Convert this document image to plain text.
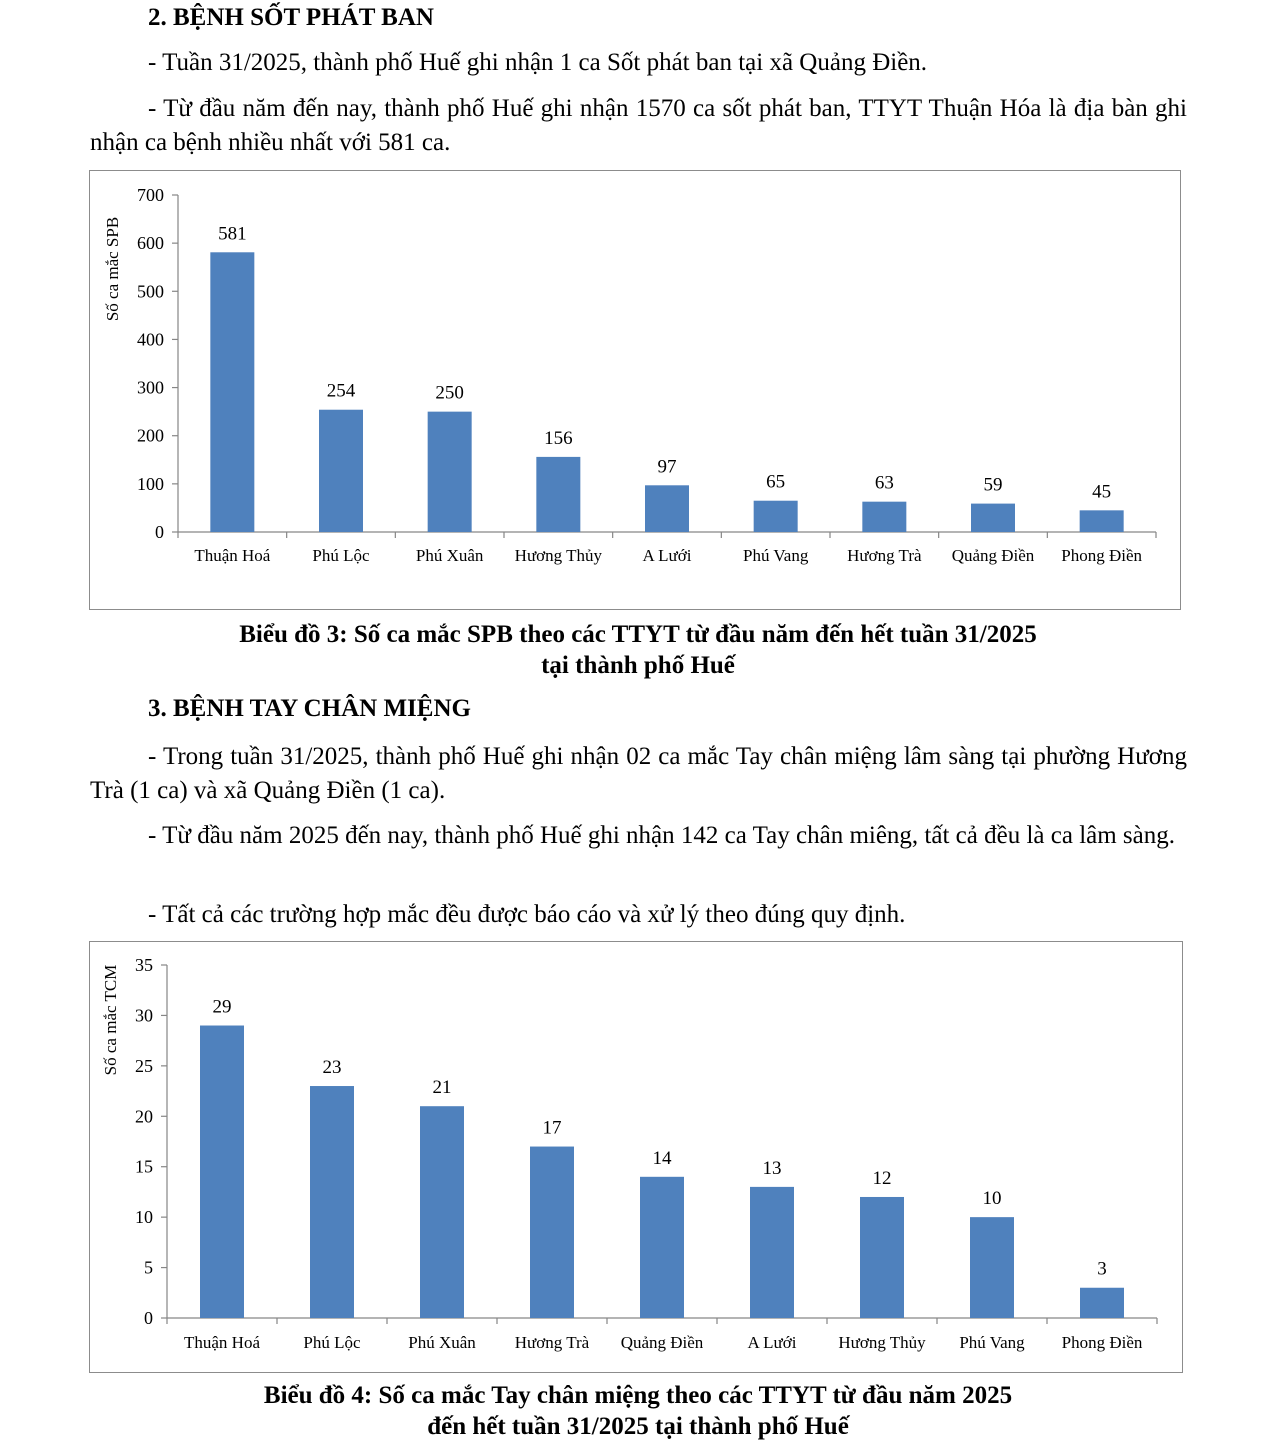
2. BỆNH SỐT PHÁT BAN

- Tuần 31/2025, thành phố Huế ghi nhận 1 ca Sốt phát ban tại xã Quảng Điền.

- Từ đầu năm đến nay, thành phố Huế ghi nhận 1570 ca sốt phát ban, TTYT Thuận Hóa là địa bàn ghi nhận ca bệnh nhiều nhất với 581 ca.

0
100
200
300
400
500
600
700
Số ca mắc SPB	581
Thuận Hoá
254
Phú Lộc
250
Phú Xuân
156
Hương Thủy
97
A Lưới
65
Phú Vang
63
Hương Trà
59
Quảng Điền
45
Phong Điền

Biểu đồ 3: Số ca mắc SPB theo các TTYT từ đầu năm đến hết tuần 31/2025
tại thành phố Huế

3. BỆNH TAY CHÂN MIỆNG

- Trong tuần 31/2025, thành phố Huế ghi nhận 02 ca mắc Tay chân miệng lâm sàng tại phường Hương Trà (1 ca) và xã Quảng Điền (1 ca).

- Từ đầu năm 2025 đến nay, thành phố Huế ghi nhận 142 ca Tay chân miêng, tất cả đều là ca lâm sàng.

- Tất cả các trường hợp mắc đều được báo cáo và xử lý theo đúng quy định.

0
5
10
15
20
25
30
35
Số ca mắc TCM	29
Thuận Hoá
23
Phú Lộc
21
Phú Xuân
17
Hương Trà
14
Quảng Điền
13
A Lưới
12
Hương Thủy
10
Phú Vang
3
Phong Điền

Biểu đồ 4: Số ca mắc Tay chân miệng theo các TTYT từ đầu năm 2025
đến hết tuần 31/2025 tại thành phố Huế
